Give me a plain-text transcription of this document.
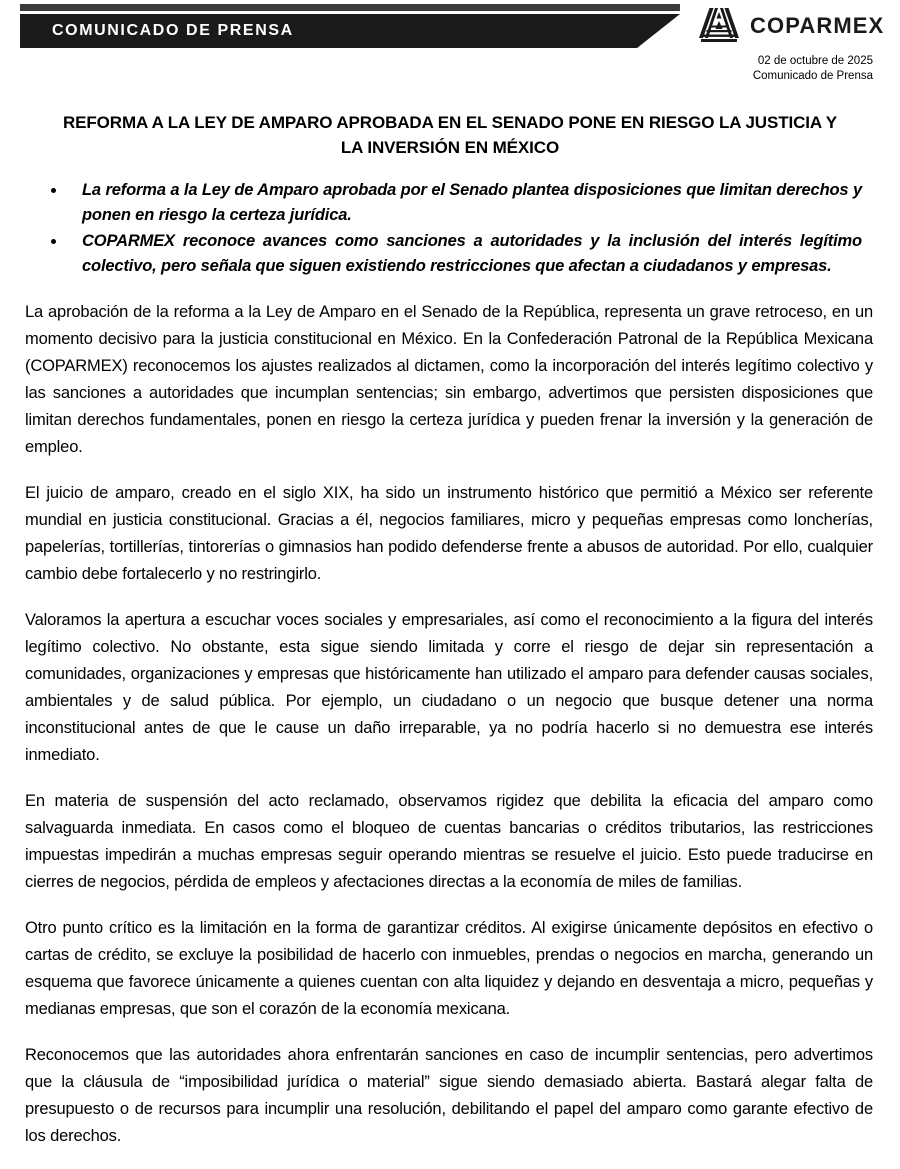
COMUNICADO DE PRENSA	COPARMEX
02 de octubre de 2025
Comunicado de Prensa
REFORMA A LA LEY DE AMPARO APROBADA EN EL SENADO PONE EN RIESGO LA JUSTICIA Y LA INVERSIÓN EN MÉXICO
La reforma a la Ley de Amparo aprobada por el Senado plantea disposiciones que limitan derechos y ponen en riesgo la certeza jurídica.
COPARMEX reconoce avances como sanciones a autoridades y la inclusión del interés legítimo colectivo, pero señala que siguen existiendo restricciones que afectan a ciudadanos y empresas.

La aprobación de la reforma a la Ley de Amparo en el Senado de la República, representa un grave retroceso, en un momento decisivo para la justicia constitucional en México. En la Confederación Patronal de la República Mexicana (COPARMEX) reconocemos los ajustes realizados al dictamen, como la incorporación del interés legítimo colectivo y las sanciones a autoridades que incumplan sentencias; sin embargo, advertimos que persisten disposiciones que limitan derechos fundamentales, ponen en riesgo la certeza jurídica y pueden frenar la inversión y la generación de empleo.

El juicio de amparo, creado en el siglo XIX, ha sido un instrumento histórico que permitió a México ser referente mundial en justicia constitucional. Gracias a él, negocios familiares, micro y pequeñas empresas como loncherías, papelerías, tortillerías, tintorerías o gimnasios han podido defenderse frente a abusos de autoridad. Por ello, cualquier cambio debe fortalecerlo y no restringirlo.

Valoramos la apertura a escuchar voces sociales y empresariales, así como el reconocimiento a la figura del interés legítimo colectivo. No obstante, esta sigue siendo limitada y corre el riesgo de dejar sin representación a comunidades, organizaciones y empresas que históricamente han utilizado el amparo para defender causas sociales, ambientales y de salud pública. Por ejemplo, un ciudadano o un negocio que busque detener una norma inconstitucional antes de que le cause un daño irreparable, ya no podría hacerlo si no demuestra ese interés inmediato.

En materia de suspensión del acto reclamado, observamos rigidez que debilita la eficacia del amparo como salvaguarda inmediata. En casos como el bloqueo de cuentas bancarias o créditos tributarios, las restricciones impuestas impedirán a muchas empresas seguir operando mientras se resuelve el juicio. Esto puede traducirse en cierres de negocios, pérdida de empleos y afectaciones directas a la economía de miles de familias.

Otro punto crítico es la limitación en la forma de garantizar créditos. Al exigirse únicamente depósitos en efectivo o cartas de crédito, se excluye la posibilidad de hacerlo con inmuebles, prendas o negocios en marcha, generando un esquema que favorece únicamente a quienes cuentan con alta liquidez y dejando en desventaja a micro, pequeñas y medianas empresas, que son el corazón de la economía mexicana.

Reconocemos que las autoridades ahora enfrentarán sanciones en caso de incumplir sentencias, pero advertimos que la cláusula de “imposibilidad jurídica o material” sigue siendo demasiado abierta. Bastará alegar falta de presupuesto o de recursos para incumplir una resolución, debilitando el papel del amparo como garante efectivo de los derechos.
